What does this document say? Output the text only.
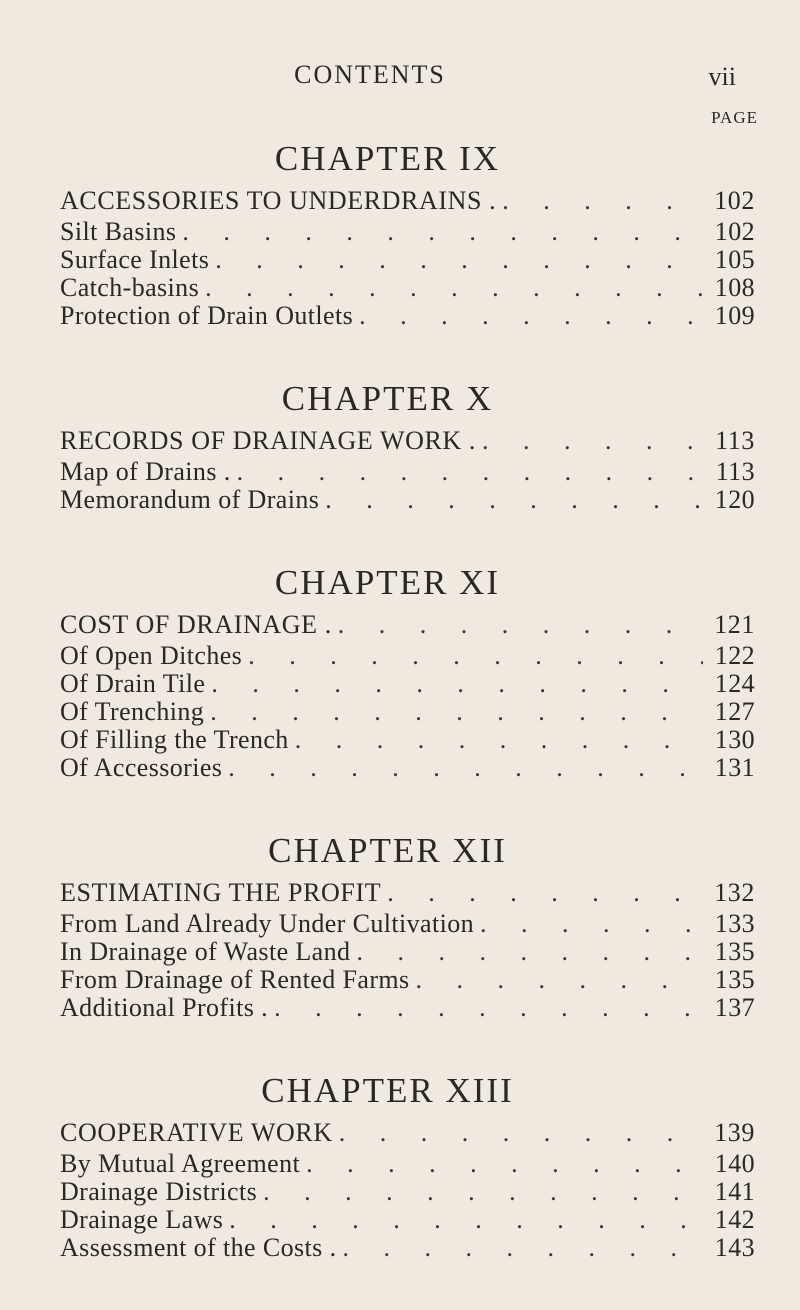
CONTENTS	vii
PAGE
CHAPTER IX
ACCESSORIES TO UNDERDRAINS . . . .	102
Silt Basins . . .	102
Surface Inlets . . .	105
Catch-basins . . .	108
Protection of Drain Outlets . . .	109
CHAPTER X
RECORDS OF DRAINAGE WORK . . . .	113
Map of Drains . . . .	113
Memorandum of Drains . . .	120
CHAPTER XI
COST OF DRAINAGE . . . .	121
Of Open Ditches . . .	122
Of Drain Tile . . .	124
Of Trenching . . .	127
Of Filling the Trench . . .	130
Of Accessories . . .	131
CHAPTER XII
ESTIMATING THE PROFIT . . .	132
From Land Already Under Cultivation . . .	133
In Drainage of Waste Land . . .	135
From Drainage of Rented Farms . . .	135
Additional Profits . . . .	137
CHAPTER XIII
COOPERATIVE WORK . . .	139
By Mutual Agreement . . .	140
Drainage Districts . . .	141
Drainage Laws . . .	142
Assessment of the Costs . . . .	143
